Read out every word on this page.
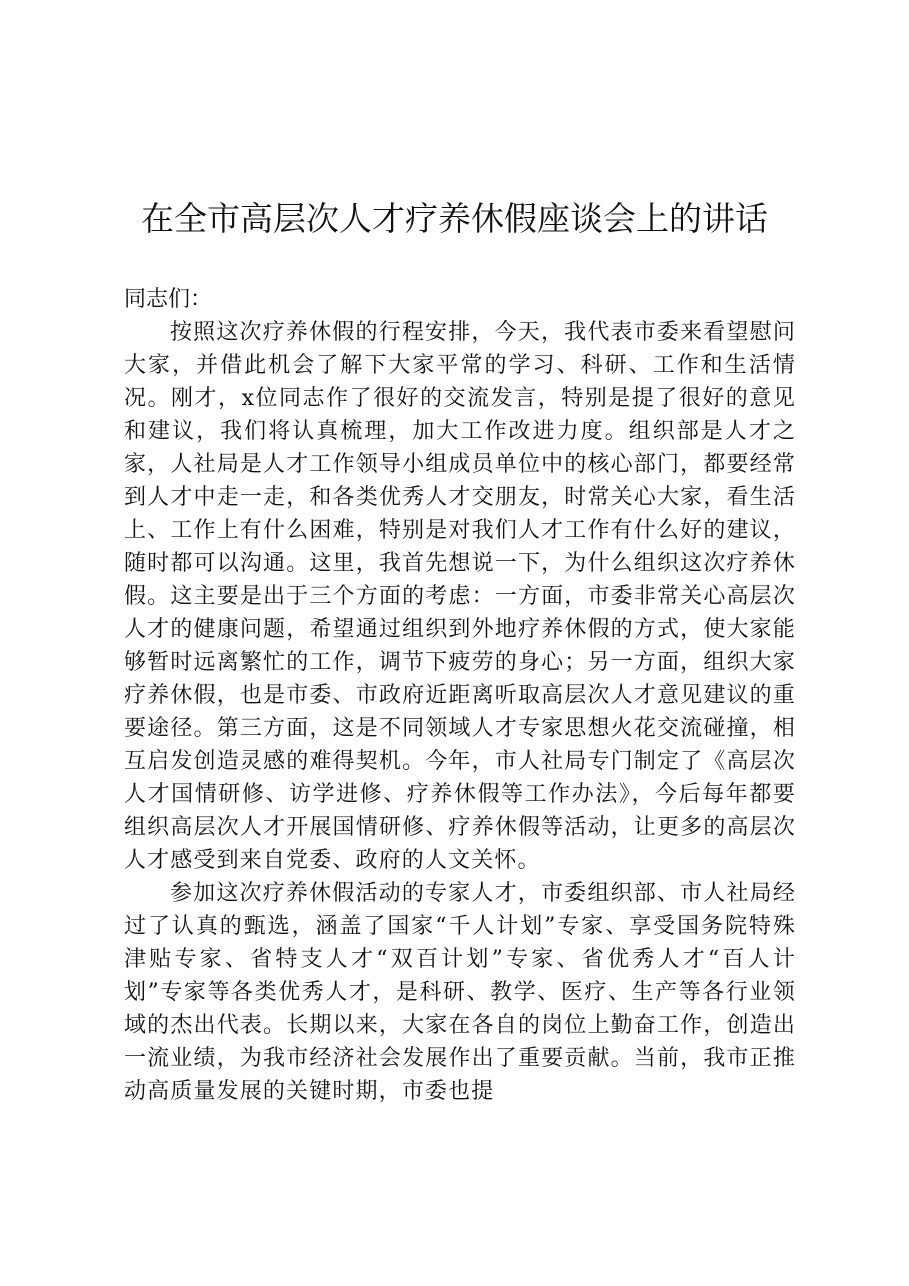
在全市高层次人才疗养休假座谈会上的讲话

同志们：

按照这次疗养休假的行程安排，今天，我代表市委来看望慰问大家，并借此机会了解下大家平常的学习、科研、工作和生活情况。刚才，x位同志作了很好的交流发言，特别是提了很好的意见和建议，我们将认真梳理，加大工作改进力度。组织部是人才之家，人社局是人才工作领导小组成员单位中的核心部门，都要经常到人才中走一走，和各类优秀人才交朋友，时常关心大家，看生活上、工作上有什么困难，特别是对我们人才工作有什么好的建议，随时都可以沟通。这里，我首先想说一下，为什么组织这次疗养休假。这主要是出于三个方面的考虑：一方面，市委非常关心高层次人才的健康问题，希望通过组织到外地疗养休假的方式，使大家能够暂时远离繁忙的工作，调节下疲劳的身心；另一方面，组织大家疗养休假，也是市委、市政府近距离听取高层次人才意见建议的重要途径。第三方面，这是不同领域人才专家思想火花交流碰撞，相互启发创造灵感的难得契机。今年，市人社局专门制定了《高层次人才国情研修、访学进修、疗养休假等工作办法》，今后每年都要组织高层次人才开展国情研修、疗养休假等活动，让更多的高层次人才感受到来自党委、政府的人文关怀。

参加这次疗养休假活动的专家人才，市委组织部、市人社局经过了认真的甄选，涵盖了国家“千人计划”专家、享受国务院特殊津贴专家、省特支人才“双百计划”专家、省优秀人才“百人计划”专家等各类优秀人才，是科研、教学、医疗、生产等各行业领域的杰出代表。长期以来，大家在各自的岗位上勤奋工作，创造出一流业绩，为我市经济社会发展作出了重要贡献。当前，我市正推动高质量发展的关键时期，市委也提
